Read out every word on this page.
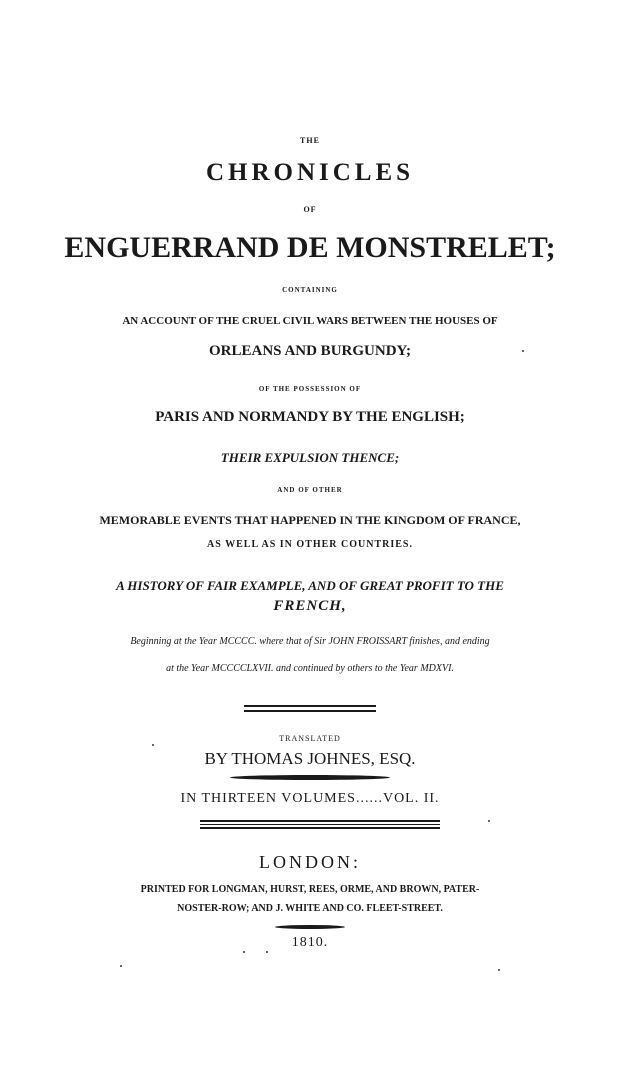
THE

CHRONICLES

OF

ENGUERRAND DE MONSTRELET;

CONTAINING

AN ACCOUNT OF THE CRUEL CIVIL WARS BETWEEN THE HOUSES OF

ORLEANS AND BURGUNDY;

OF THE POSSESSION OF

PARIS AND NORMANDY BY THE ENGLISH;

THEIR EXPULSION THENCE;

AND OF OTHER

MEMORABLE EVENTS THAT HAPPENED IN THE KINGDOM OF FRANCE,

AS WELL AS IN OTHER COUNTRIES.

A HISTORY OF FAIR EXAMPLE, AND OF GREAT PROFIT TO THE

FRENCH,

Beginning at the Year MCCCC. where that of Sir JOHN FROISSART finishes, and ending

at the Year MCCCCLXVII. and continued by others to the Year MDXVI.

TRANSLATED

BY THOMAS JOHNES, ESQ.

IN THIRTEEN VOLUMES......VOL. II.

LONDON:

PRINTED FOR LONGMAN, HURST, REES, ORME, AND BROWN, PATER-

NOSTER-ROW; AND J. WHITE AND CO. FLEET-STREET.

1810.
